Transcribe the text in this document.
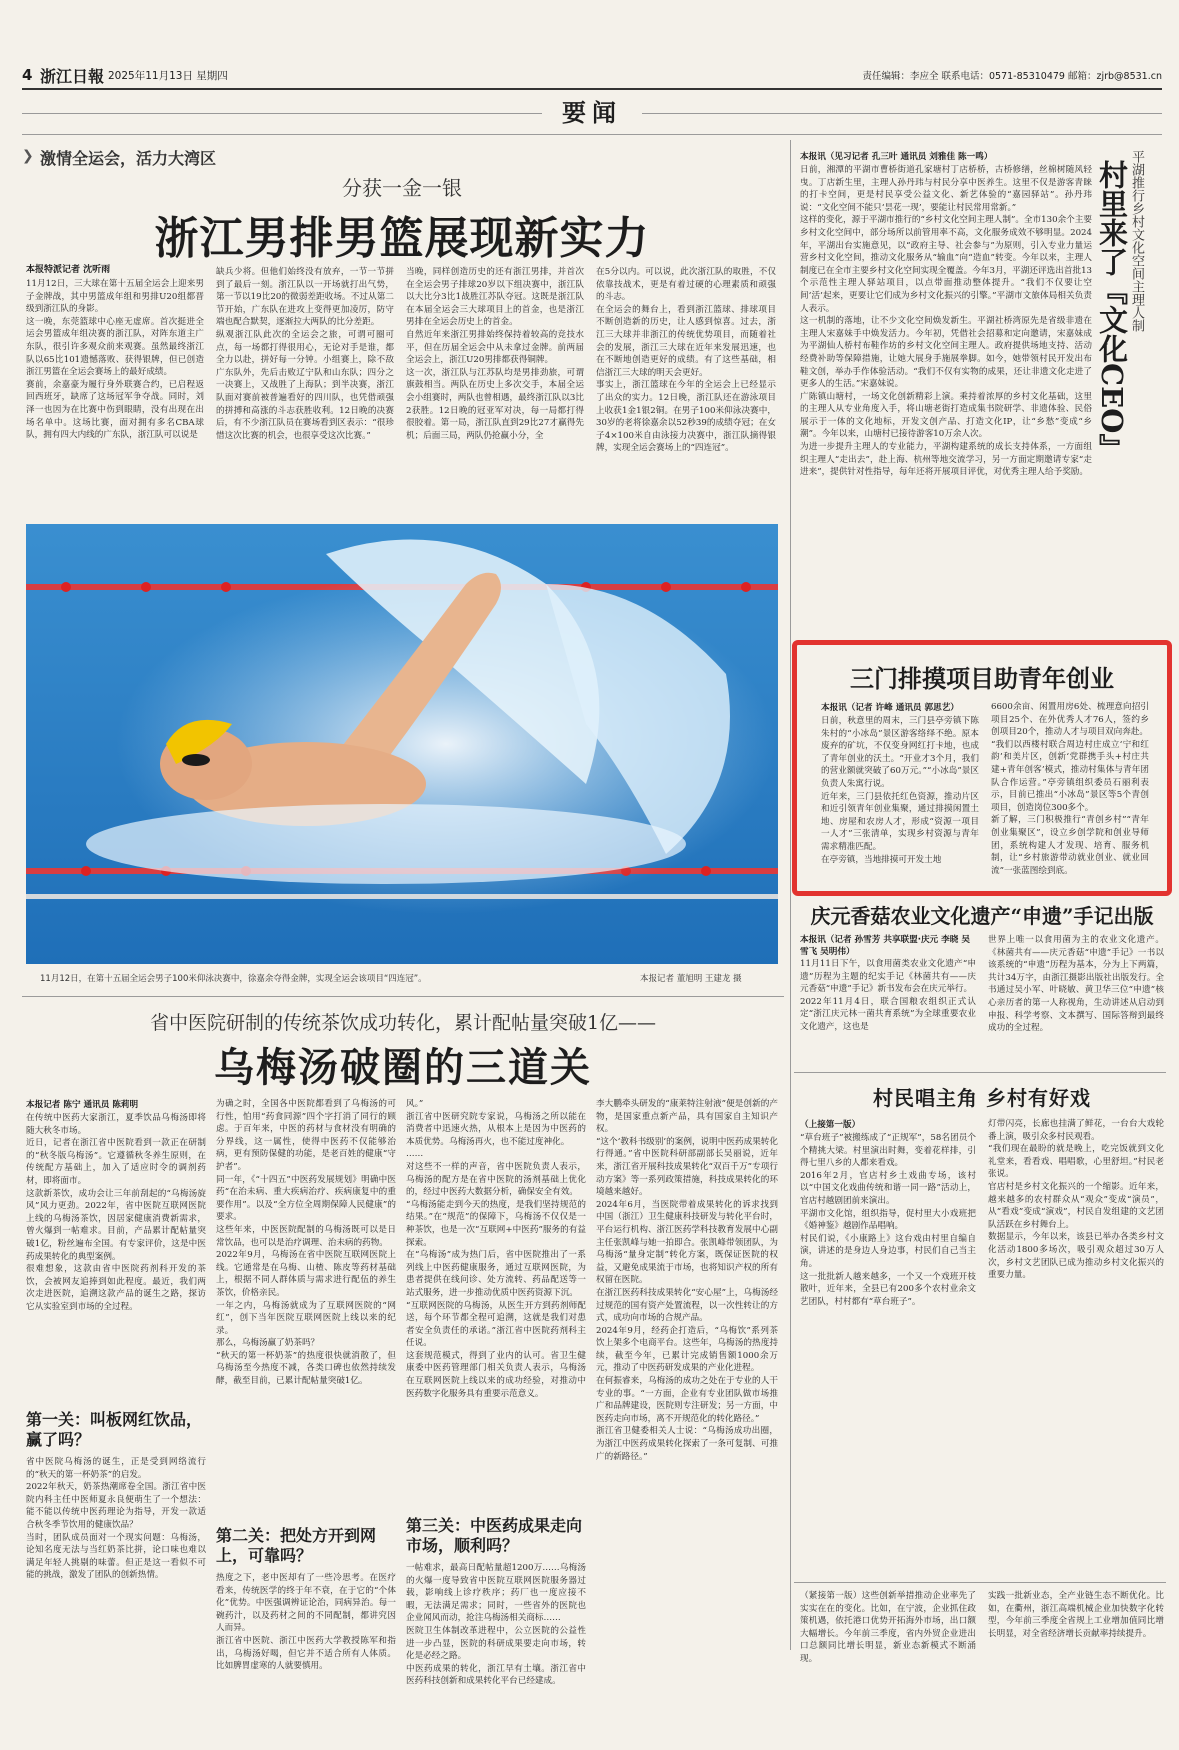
4 浙江日報 2025年11月13日 星期四	责任编辑：李应全 联系电话：0571-85310479 邮箱：zjrb@8531.cn
要闻
❯ 激情全运会，活力大湾区
分获一金一银
浙江男排男篮展现新实力
本报特派记者 沈听雨
11月12日，三大球在第十五届全运会上迎来男子金牌战，其中男篮成年组和男排U20组都晋级到浙江队的身影。
这一晚，东莞篮球中心座无虚席。首次挺进全运会男篮成年组决赛的浙江队，对阵东道主广东队，很引许多观众前来观赛。虽然最终浙江队以65比101遗憾落败、获得银牌，但已创造浙江男篮在全运会赛场上的最好成绩。
赛前，余嘉豪为履行身外联赛合约，已启程返回西班牙，缺席了这场冠军争夺战。同时，刘泽一也因为在比赛中伤到眼睛，没有出现在出场名单中。这场比赛，面对拥有多名CBA球队，拥有四大内线的广东队，浙江队可以说是
缺兵少将。但他们始终没有放弃，一节一节拼到了最后一刻。浙江队以一开场就打出气势，第一节以19比20的微弱差距收场。不过从第二节开始，广东队在进攻上变得更加凌厉，防守端也配合默契，逐渐拉大两队的比分差距。
纵观浙江队此次的全运会之旅，可谓可圈可点，每一场都打得很用心，无论对手是谁，都全力以赴，拼好每一分钟。小组赛上，除不敌广东队外，先后击败辽宁队和山东队；四分之一决赛上，又战胜了上海队；到半决赛，浙江队面对赛前被普遍看好的四川队，也凭借顽强的拼搏和高涨的斗志获胜收利。12日晚的决赛后，有不少浙江队员在赛场看到区表示：“很珍惜这次比赛的机会，也很享受这次比赛。”
当晚，同样创造历史的还有浙江男排，并首次在全运会男子排球20岁以下组决赛中，浙江队以大比分3比1战胜江苏队夺冠。这既是浙江队在本届全运会三大球项目上的首金，也是浙江男排在全运会历史上的首金。
自然近年来浙江男排始终保持着较高的竞技水平，但在历届全运会中从未拿过金牌。前两届全运会上，浙江U20男排都获得铜牌。
这一次，浙江队与江苏队均是男排劲旅，可谓旗鼓相当。两队在历史上多次交手，本届全运会小组赛时，两队也曾相遇，最终浙江队以3比2获胜。12日晚的冠亚军对决，每一局都打得很胶着。第一局，浙江队直到29比27才赢得先机；后面三局，两队仍抢赢小分，全
在5分以内。可以说，此次浙江队的取胜，不仅依靠技战术，更是有着过硬的心理素质和顽强的斗志。
在全运会的舞台上，看到浙江篮球、排球项目不断创造新的历史，让人感到惊喜。过去，浙江三大球并非浙江的传统优势项目，而随着社会的发展，浙江三大球在近年来发展迅速，也在不断地创造更好的成绩。有了这些基础，相信浙江三大球的明天会更好。
事实上，浙江篮球在今年的全运会上已经显示了出众的实力。12日晚，浙江队还在游泳项目上收获1金1银2铜。在男子100米仰泳决赛中，30岁的老将徐嘉余以52秒39的成绩夺冠；在女子4×100米自由泳接力决赛中，浙江队摘得银牌，实现全运会赛场上的“四连冠”。
11月12日，在第十五届全运会男子100米仰泳决赛中，徐嘉余夺得金牌，实现全运会该项目“四连冠”。	本报记者 董旭明 王建龙 摄
本报讯（见习记者 孔三叶 通讯员 刘雅佳 陈一鸣）
日前，湘潭的平湖市曹桥街道孔家塘村丁店桥桥，古桥修缮，丝棉树随风轻曳。丁店新生里，主理人孙丹玮与村民分享中医养生。这里不仅是游客青睐的打卡空间，更是村民享受公益文化、新艺体验的“嘉园驿站”。孙丹玮说：“文化空间不能只‘昙花一现’，要能让村民常用常新。”
这样的变化，源于平湖市推行的“乡村文化空间主理人制”。全市130余个主要乡村文化空间中，部分场所以前管用率不高，文化服务成效不够明显。2024年，平湖出台实施意见，以“政府主导、社会参与”为原则，引入专业力量运营乡村文化空间，推动文化服务从“输血”向“造血”转变。今年以来，主理人制度已在全市主要乡村文化空间实现全覆盖。今年3月，平湖还评选出首批13个示范性主理人驿站项目，以点带面推动整体提升。“我们不仅要让空间‘活’起来，更要让它们成为乡村文化振兴的引擎。”平湖市文旅体局相关负责人表示。
这一机制的落地，让不少文化空间焕发新生。平湖社桥湾原先是省级非遗在主理人宋嘉妹手中焕发活力。今年初，凭借社会招募和定向邀请，宋嘉妹成为平湖仙人桥村布鞋作坊的乡村文化空间主理人。政府提供场地支持、活动经费补助等保障措施，让她大展身手施展拳脚。如今，她带领村民开发出布鞋文创，举办手作体验活动。“我们不仅有实物的成果，还让非遗文化走进了更多人的生活。”宋嘉妹说。
广陈镇山塘村，一场文化创新精彩上演。乘持着浓厚的乡村文化基础，这里的主理人从专业角度入手，将山塘老街打造成集书院研学、非遗体验、民俗展示于一体的文化地标，开发文创产品、打造文化IP，让“乡愁”变成“乡潮”。今年以来，山塘村已接待游客10万余人次。
为进一步提升主理人的专业能力，平湖构建系统的成长支持体系，一方面组织主理人“走出去”，赴上海、杭州等地交流学习，另一方面定期邀请专家“走进来”，提供针对性指导，每年还将开展项目评优，对优秀主理人给予奖励。
平湖推行乡村文化空间主理人制
村里来了『文化CEO』
三门排摸项目助青年创业
本报讯（记者 许峰 通讯员 郭思艺）
日前，秋意里的周末，三门县亭旁镇下陈朱村的“小冰岛”景区游客络绎不绝。原本废弃的矿坑，不仅变身网红打卡地，也成了青年创业的沃土。“开业才3个月，我们的营业额就突破了60万元。”“小冰岛”景区负责人朱寓行说。
近年来，三门县依托红色资源，推动片区和近引领青年创业集聚，通过排摸闲置土地、房屋和农房人才，形成“资源一项目一人才”三张清单，实现乡村资源与青年需求精准匹配。
在亭旁镇，当地排摸可开发土地
6600余亩、闲置用房6处、梳理意向招引项目25个、在外优秀人才76人，签约乡创项目20个，推动人才与项目双向奔赴。
“我们以西楼村联合周边村庄成立‘宁和红韵’和美片区，创新‘党群携手头+村庄共建+青年创客’模式，推动村集体与青年团队合作运营。”亭旁镇组织委员石丽利表示，目前已推出“小冰岛”景区等5个青创项目，创造岗位300多个。
新了解，三门积极推行“青创乡村”“青年创业集聚区”，设立乡创学院和创业导师团，系统构建人才发现、培育、服务机制，让“乡村旅游带动就业创业、就业回流”一张蓝图绘到底。
庆元香菇农业文化遗产“申遗”手记出版
本报讯（记者 孙雪芳 共享联盟·庆元 李晓 吴雪飞 吴明伟）
11月11日下午，以食用菌类农业文化遗产“申遗”历程为主题的纪实手记《林菌共有——庆元香菇“申遗”手记》新书发布会在庆元举行。
2022年11月4日，联合国粮农组织正式认定“浙江庆元林一菌共育系统”为全球重要农业文化遗产，这也是
世界上唯一以食用菌为主的农业文化遗产。《林菌共有——庆元香菇“申遗”手记》一书以该系统的“申遗”历程为基本，分为上下两篇，共计34万字，由浙江摄影出版社出版发行。全书通过吴小军、叶晓敏、黄卫华三位“申遗”核心亲历者的第一人称视角，生动讲述从启动到申报、科学考察、文本撰写、国际答辩到最终成功的全过程。
村民唱主角 乡村有好戏
（上接第一版）
“草台班子”被搬练成了“正规军”，58名团员个个精挑大梁。村里演出时舞，变着花样排，引得七里八乡的人都来看戏。
2016年2月，官店村乡土戏曲专场，该村以“中国文化戏曲传统和谐一同一路”活动上，官店村越剧团前来演出。
平湖市文化馆，组织指导，促村里大小戏班把《婚神鉴》越剧作品唱响。
村民们说，《小康路上》这台戏由村里自编自演，讲述的是身边人身边事，村民们自己当主角。
这一批批新人越来越多，一个又一个戏班开枝散叶，近年来，全县已有200多个农村业余文艺团队，村村都有“草台班子”。
灯带闪亮，长廊也挂满了鲜花，一台台大戏轮番上演，吸引众多村民观看。
“我们现在最盼的就是晚上，吃完饭就到文化礼堂来，看看戏、唱唱歌，心里舒坦。”村民老张说。
官店村是乡村文化振兴的一个缩影。近年来，越来越多的农村群众从“观众”变成“演员”，从“看戏”变成“演戏”，村民自发组建的文艺团队活跃在乡村舞台上。
数据显示，今年以来，该县已举办各类乡村文化活动1800多场次，吸引观众超过30万人次，乡村文艺团队已成为推动乡村文化振兴的重要力量。
（紧接第一版）这些创新举措推动企业率先了实实在在的变化。比如，在宁波，企业抓住政策机遇，依托港口优势开拓海外市场，出口额大幅增长。今年前三季度，省内外贸企业进出口总额同比增长明显，新业态新模式不断涌现。
实践一批新业态，全产业链生态不断优化。比如，在衢州，浙江高端机械企业加快数字化转型，今年前三季度全省规上工业增加值同比增长明显，对全省经济增长贡献率持续提升。
省中医院研制的传统茶饮成功转化，累计配帖量突破1亿——
乌梅汤破圈的三道关
本报记者 陈宁 通讯员 陈莉明
在传统中医药大家浙江，夏季饮品乌梅汤即将随大秋冬市场。
近日，记者在浙江省中医院看到一款正在研制的“秋冬版乌梅汤”。它遵循秋冬养生原则，在传统配方基础上，加入了适应时令的调剂药材，即将面市。
这款新茶饮，成功会让三年前刮起的“乌梅汤旋风”风力更劲。2022年，省中医院互联网医院上线的乌梅汤茶饮，因居家健康消费新需求，曾火爆到一帖难求。目前，产品累计配帖量突破1亿，粉丝遍布全国。有专家评价，这是中医药成果转化的典型案例。
很难想象，这款由省中医院药剂科开发的茶饮，会被网友追捧到如此程度。最近，我们两次走进医院，追溯这款产品的诞生之路，探访它从实验室到市场的全过程。
第一关：叫板网红饮品，赢了吗？
省中医院乌梅汤的诞生，正是受到网络流行的“秋天的第一杯奶茶”的启发。
2022年秋天，奶茶热潮席卷全国。浙江省中医院内科主任中医师夏永良便萌生了一个想法：能不能以传统中医药理论为指导，开发一款适合秋冬季节饮用的健康饮品？
当时，团队成员面对一个现实问题：乌梅汤，论知名度无法与当红奶茶比拼，论口味也难以满足年轻人挑剔的味蕾。但正是这一看似不可能的挑战，激发了团队的创新热情。
为确之时，全国各中医院都看到了乌梅汤的可行性，怕用“药食同源”四个字打消了同行的顾虑。于百年来，中医的药材与食材没有明确的分界线，这一属性，使得中医药不仅能够治病，更有预防保健的功能，是老百姓的健康“守护者”。
同一年，《“十四五”中医药发展规划》明确中医药“在治未病、重大疾病治疗、疾病康复中的重要作用”。以及“全方位全周期保障人民健康”的要求。
这些年来，中医医院配制的乌梅汤既可以是日常饮品，也可以是治疗调理、治未病的药物。
2022年9月，乌梅汤在省中医院互联网医院上线。它通常是在乌梅、山楂、陈皮等药材基础上，根据不同人群体质与需求进行配伍的养生茶饮，价格亲民。
一年之内，乌梅汤就成为了互联网医院的“网红”，创下当年医院互联网医院上线以来的纪录。
那么，乌梅汤赢了奶茶吗？
“秋天的第一杯奶茶”的热度很快就消散了，但乌梅汤至今热度不减，各类口碑也依然持续发酵，截至目前，已累计配帖量突破1亿。
第二关：把处方开到网上，可靠吗？
热度之下，老中医却有了一些冷思考。在医疗看来，传统医学的终于年不衰，在于它的“个体化”优势。中医强调辨证论治，同病异治。每一碗药汁，以及药材之间的不同配制，都讲究因人而异。
浙江省中医院、浙江中医药大学教授陈军和指出，乌梅汤好喝，但它并不适合所有人体质。比如脾胃虚寒的人就要慎用。
风。”
浙江省中医研究院专家说，乌梅汤之所以能在消费者中迅速火热，从根本上是因为中医药的本质优势。乌梅汤再火，也不能过度神化。
……
对这些不一样的声音，省中医院负责人表示，乌梅汤的配方是在省中医院的汤剂基础上优化的，经过中医药大数据分析，确保安全有效。
“乌梅汤能走到今天的热度，是我们坚持规范的结果。”在“规范”的保障下，乌梅汤不仅仅是一种茶饮，也是一次“互联网+中医药”服务的有益探索。
在“乌梅汤”成为热门后，省中医院推出了一系列线上中医药健康服务，通过互联网医院，为患者提供在线问诊、处方流转、药品配送等一站式服务，进一步推动优质中医药资源下沉。
“互联网医院的乌梅汤，从医生开方到药剂师配送，每个环节都全程可追溯，这就是我们对患者安全负责任的承诺。”浙江省中医院药剂科主任说。
这套规范模式，得到了业内的认可。省卫生健康委中医药管理部门相关负责人表示，乌梅汤在互联网医院上线以来的成功经验，对推动中医药数字化服务具有重要示范意义。
第三关：中医药成果走向市场，顺利吗？
一帖难求，最高日配帖量超1200万……乌梅汤的火爆一度导致省中医院互联网医院服务器过载，影响线上诊疗秩序；药厂也一度应接不暇，无法满足需求；同时，一些省外的医院也企业闻风而动，抢注乌梅汤相关商标……
医院卫生体制改革进程中，公立医院的公益性进一步凸显，医院的科研成果要走向市场，转化是必经之路。
中医药成果的转化，浙江早有土壤。浙江省中医药科技创新和成果转化平台已经建成。
李大鹏牵头研发的“康莱特注射液”便是创新的产物，是国家重点新产品，具有国家自主知识产权。
“这个‘教科书级别’的案例，说明中医药成果转化行得通。”省中医院科研部副部长吴丽说，近年来，浙江省开展科技成果转化“双百千万”专项行动方案》等一系列政策措施，科技成果转化的环境越来越好。
2024年6月，当医院带着成果转化的诉求找到中国（浙江）卫生健康科技研发与转化平台时，平台运行机构、浙江医药学科技教育发展中心副主任张凯峰与她一拍即合。张凯峰带领团队，为乌梅汤“量身定制”转化方案，既保证医院的权益，又避免成果流于市场，也将知识产权的所有权留在医院。
在浙江医药科技成果转化“安心屋”上，乌梅汤经过规范的国有资产处置流程，以一次性转让的方式，成功向市场的合规产品。
2024年9月，经药企打造后，“乌梅饮”系列茶饮上架多个电商平台。这些年，乌梅汤的热度持续，截至今年，已累计完成销售额1000余万元，推动了中医药研发成果的产业化进程。
在何振睿来，乌梅汤的成功之处在于专业的人干专业的事。“一方面，企业有专业团队做市场推广和品牌建设，医院则专注研发；另一方面，中医药走向市场，离不开规范化的转化路径。”
浙江省卫健委相关人士说：“乌梅汤成功出圈，为浙江中医药成果转化探索了一条可复制、可推广的新路径。”
